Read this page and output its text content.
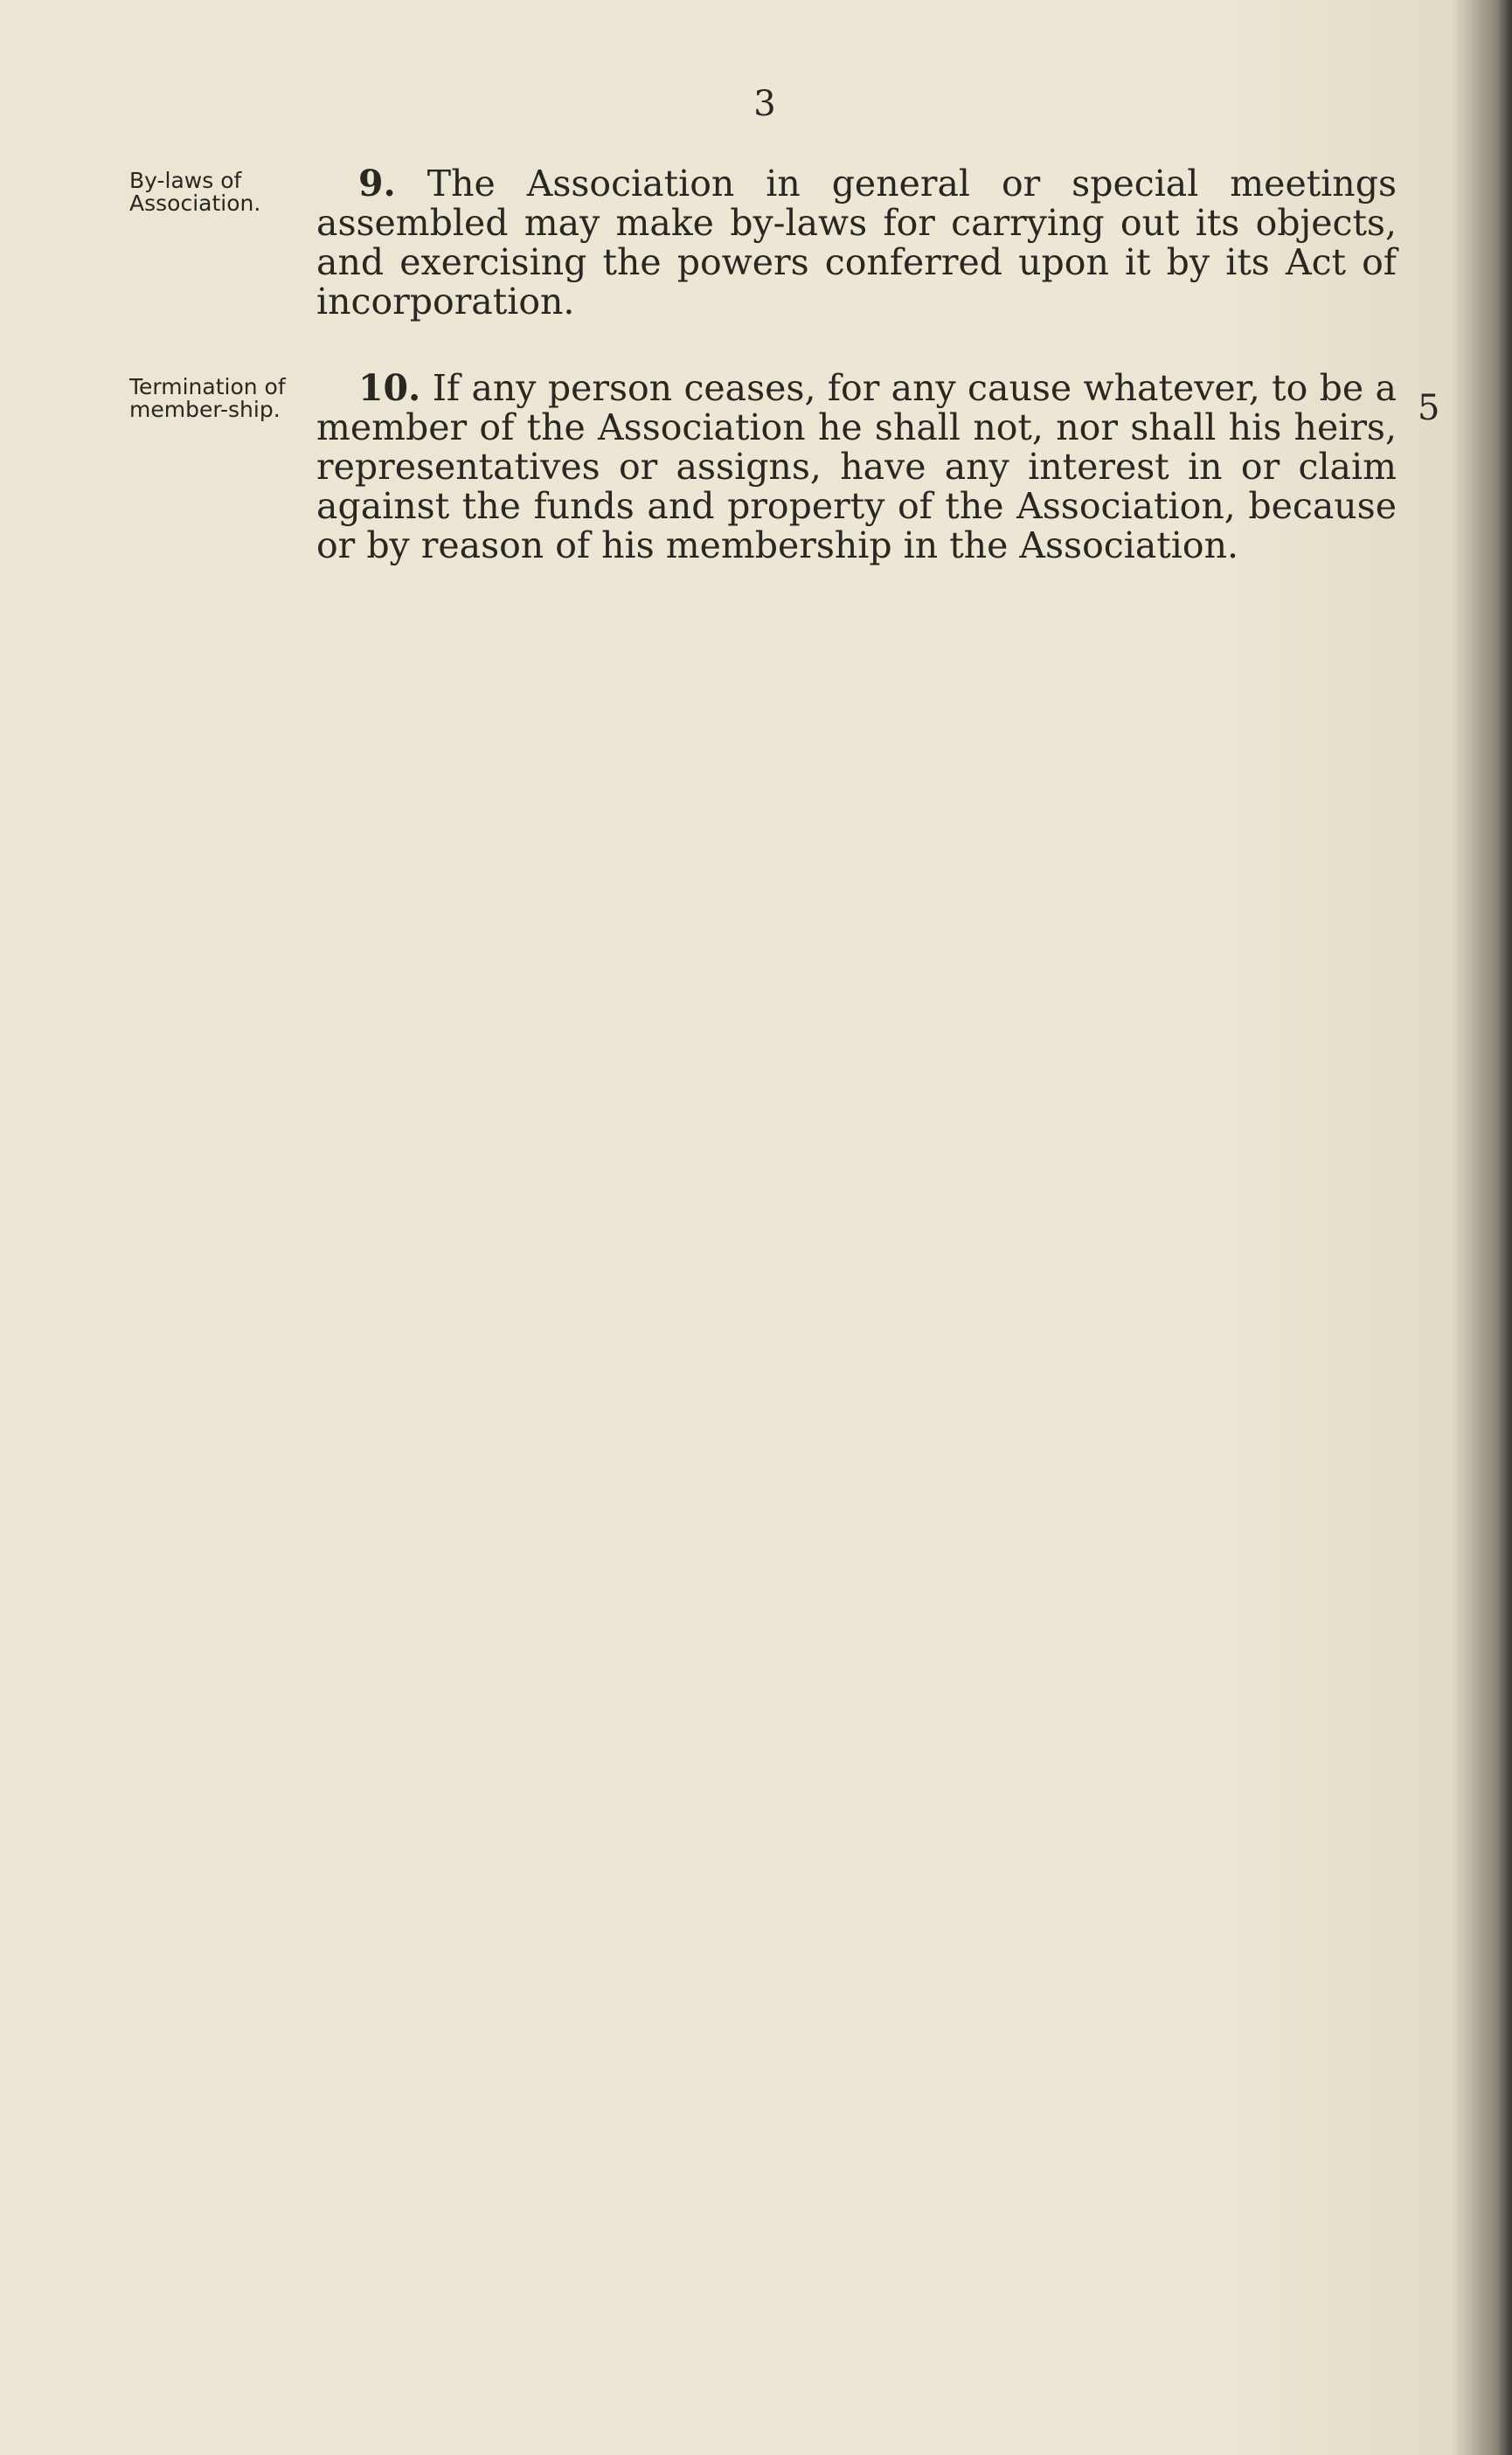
3
By-laws of Association.	9. The Association in general or special meetings assembled may make by-laws for carrying out its objects, and exercising the powers conferred upon it by its Act of incorporation.

Termination of member-ship.

10. If any person ceases, for any cause whatever, to be a member of the Association he shall not, nor shall his heirs, representatives or assigns, have any interest in or claim against the funds and property of the Association, because or by reason of his membership in the Association.

5
